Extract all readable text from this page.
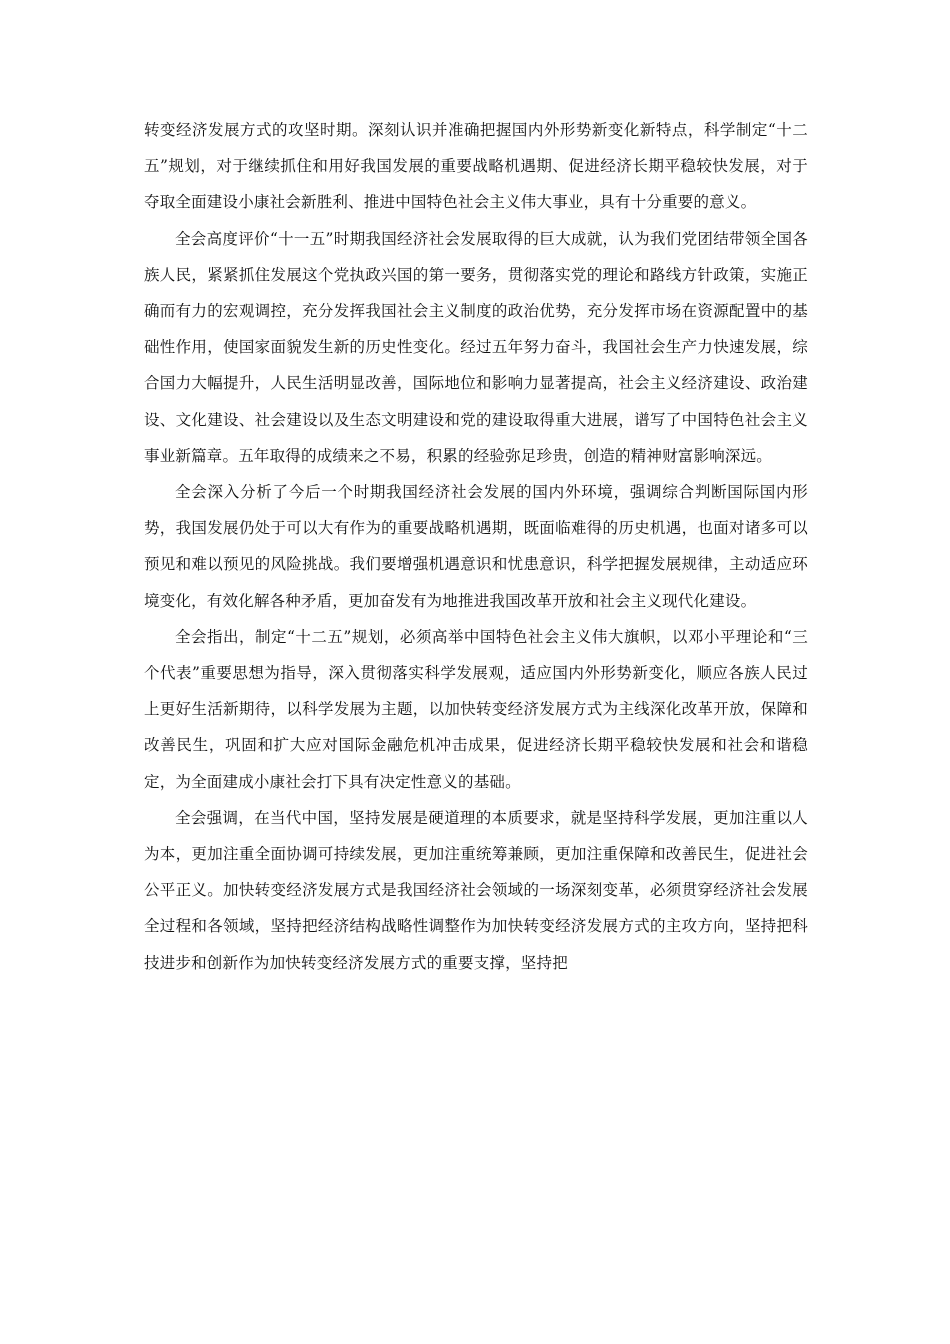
转变经济发展方式的攻坚时期。深刻认识并准确把握国内外形势新变化新特点，科学制定“十二五”规划，对于继续抓住和用好我国发展的重要战略机遇期、促进经济长期平稳较快发展，对于夺取全面建设小康社会新胜利、推进中国特色社会主义伟大事业，具有十分重要的意义。

全会高度评价“十一五”时期我国经济社会发展取得的巨大成就，认为我们党团结带领全国各族人民，紧紧抓住发展这个党执政兴国的第一要务，贯彻落实党的理论和路线方针政策，实施正确而有力的宏观调控，充分发挥我国社会主义制度的政治优势，充分发挥市场在资源配置中的基础性作用，使国家面貌发生新的历史性变化。经过五年努力奋斗，我国社会生产力快速发展，综合国力大幅提升，人民生活明显改善，国际地位和影响力显著提高，社会主义经济建设、政治建设、文化建设、社会建设以及生态文明建设和党的建设取得重大进展，谱写了中国特色社会主义事业新篇章。五年取得的成绩来之不易，积累的经验弥足珍贵，创造的精神财富影响深远。

全会深入分析了今后一个时期我国经济社会发展的国内外环境，强调综合判断国际国内形势，我国发展仍处于可以大有作为的重要战略机遇期，既面临难得的历史机遇，也面对诸多可以预见和难以预见的风险挑战。我们要增强机遇意识和忧患意识，科学把握发展规律，主动适应环境变化，有效化解各种矛盾，更加奋发有为地推进我国改革开放和社会主义现代化建设。

全会指出，制定“十二五”规划，必须高举中国特色社会主义伟大旗帜，以邓小平理论和“三个代表”重要思想为指导，深入贯彻落实科学发展观，适应国内外形势新变化，顺应各族人民过上更好生活新期待，以科学发展为主题，以加快转变经济发展方式为主线深化改革开放，保障和改善民生，巩固和扩大应对国际金融危机冲击成果，促进经济长期平稳较快发展和社会和谐稳定，为全面建成小康社会打下具有决定性意义的基础。

全会强调，在当代中国，坚持发展是硬道理的本质要求，就是坚持科学发展，更加注重以人为本，更加注重全面协调可持续发展，更加注重统筹兼顾，更加注重保障和改善民生，促进社会公平正义。加快转变经济发展方式是我国经济社会领域的一场深刻变革，必须贯穿经济社会发展全过程和各领域，坚持把经济结构战略性调整作为加快转变经济发展方式的主攻方向，坚持把科技进步和创新作为加快转变经济发展方式的重要支撑，坚持把
